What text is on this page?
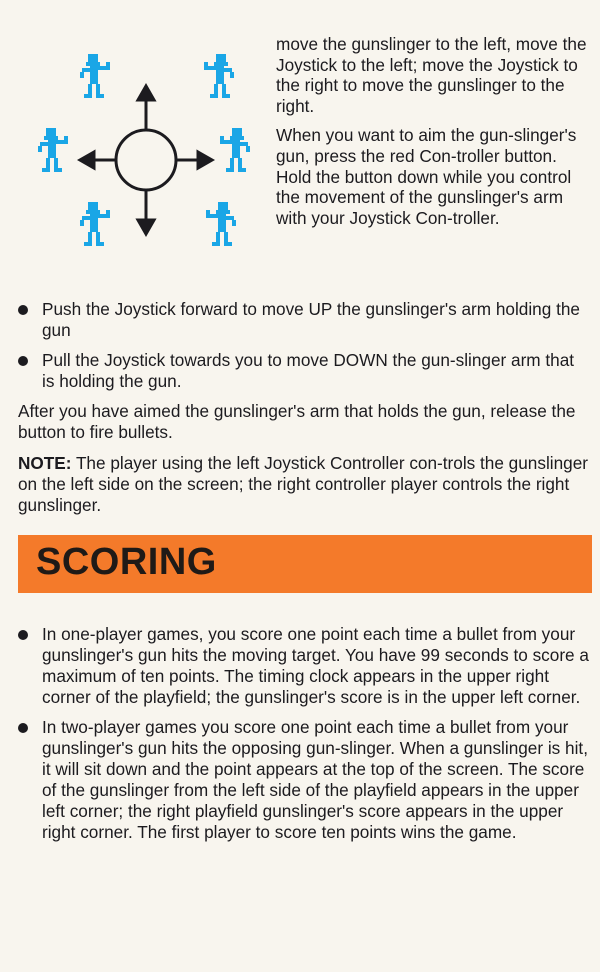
move the gunslinger to the left, move the Joystick to the left; move the Joystick to the right to move the gunslinger to the right.

When you want to aim the gun-slinger's gun, press the red Con-troller button. Hold the button down while you control the movement of the gunslinger's arm with your Joystick Con-troller.

Push the Joystick forward to move UP the gunslinger's arm holding the gun
Pull the Joystick towards you to move DOWN the gun-slinger arm that is holding the gun.

After you have aimed the gunslinger's arm that holds the gun, release the button to fire bullets.

NOTE: The player using the left Joystick Controller con-trols the gunslinger on the left side on the screen; the right controller player controls the right gunslinger.

SCORING
In one-player games, you score one point each time a bullet from your gunslinger's gun hits the moving target. You have 99 seconds to score a maximum of ten points. The timing clock appears in the upper right corner of the playfield; the gunslinger's score is in the upper left corner.
In two-player games you score one point each time a bullet from your gunslinger's gun hits the opposing gun-slinger. When a gunslinger is hit, it will sit down and the point appears at the top of the screen. The score of the gunslinger from the left side of the playfield appears in the upper left corner; the right playfield gunslinger's score appears in the upper right corner. The first player to score ten points wins the game.
